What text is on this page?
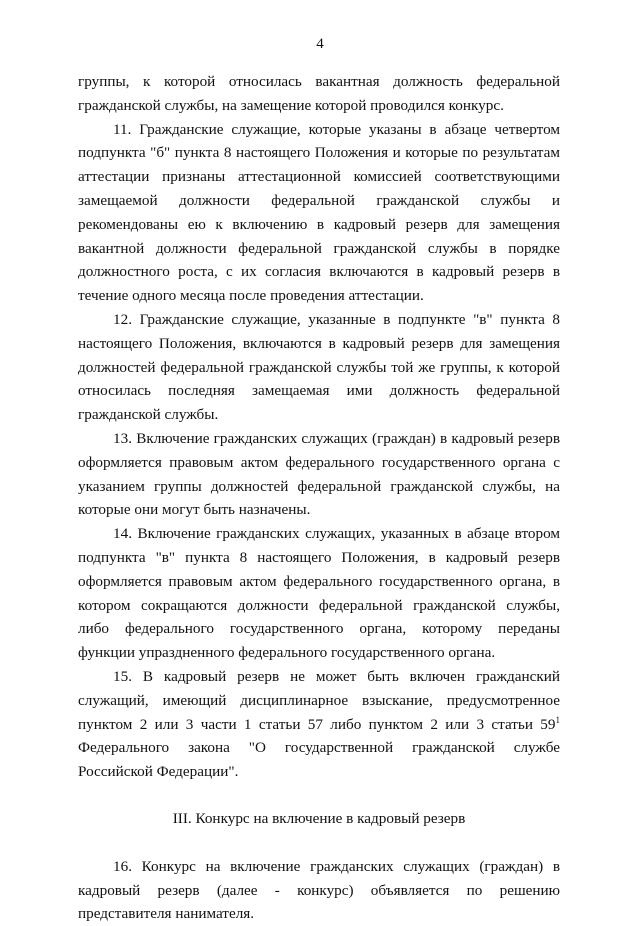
4

группы, к которой относилась вакантная должность федеральной гражданской службы, на замещение которой проводился конкурс.

11. Гражданские служащие, которые указаны в абзаце четвертом подпункта "б" пункта 8 настоящего Положения и которые по результатам аттестации признаны аттестационной комиссией соответствующими замещаемой должности федеральной гражданской службы и рекомендованы ею к включению в кадровый резерв для замещения вакантной должности федеральной гражданской службы в порядке должностного роста, с их согласия включаются в кадровый резерв в течение одного месяца после проведения аттестации.

12. Гражданские служащие, указанные в подпункте "в" пункта 8 настоящего Положения, включаются в кадровый резерв для замещения должностей федеральной гражданской службы той же группы, к которой относилась последняя замещаемая ими должность федеральной гражданской службы.

13. Включение гражданских служащих (граждан) в кадровый резерв оформляется правовым актом федерального государственного органа с указанием группы должностей федеральной гражданской службы, на которые они могут быть назначены.

14. Включение гражданских служащих, указанных в абзаце втором подпункта "в" пункта 8 настоящего Положения, в кадровый резерв оформляется правовым актом федерального государственного органа, в котором сокращаются должности федеральной гражданской службы, либо федерального государственного органа, которому переданы функции упраздненного федерального государственного органа.

15. В кадровый резерв не может быть включен гражданский служащий, имеющий дисциплинарное взыскание, предусмотренное пунктом 2 или 3 части 1 статьи 57 либо пунктом 2 или 3 статьи $59^1$ Федерального закона "О государственной гражданской службе Российской Федерации".

III. Конкурс на включение в кадровый резерв

16. Конкурс на включение гражданских служащих (граждан) в кадровый резерв (далее - конкурс) объявляется по решению представителя нанимателя.
